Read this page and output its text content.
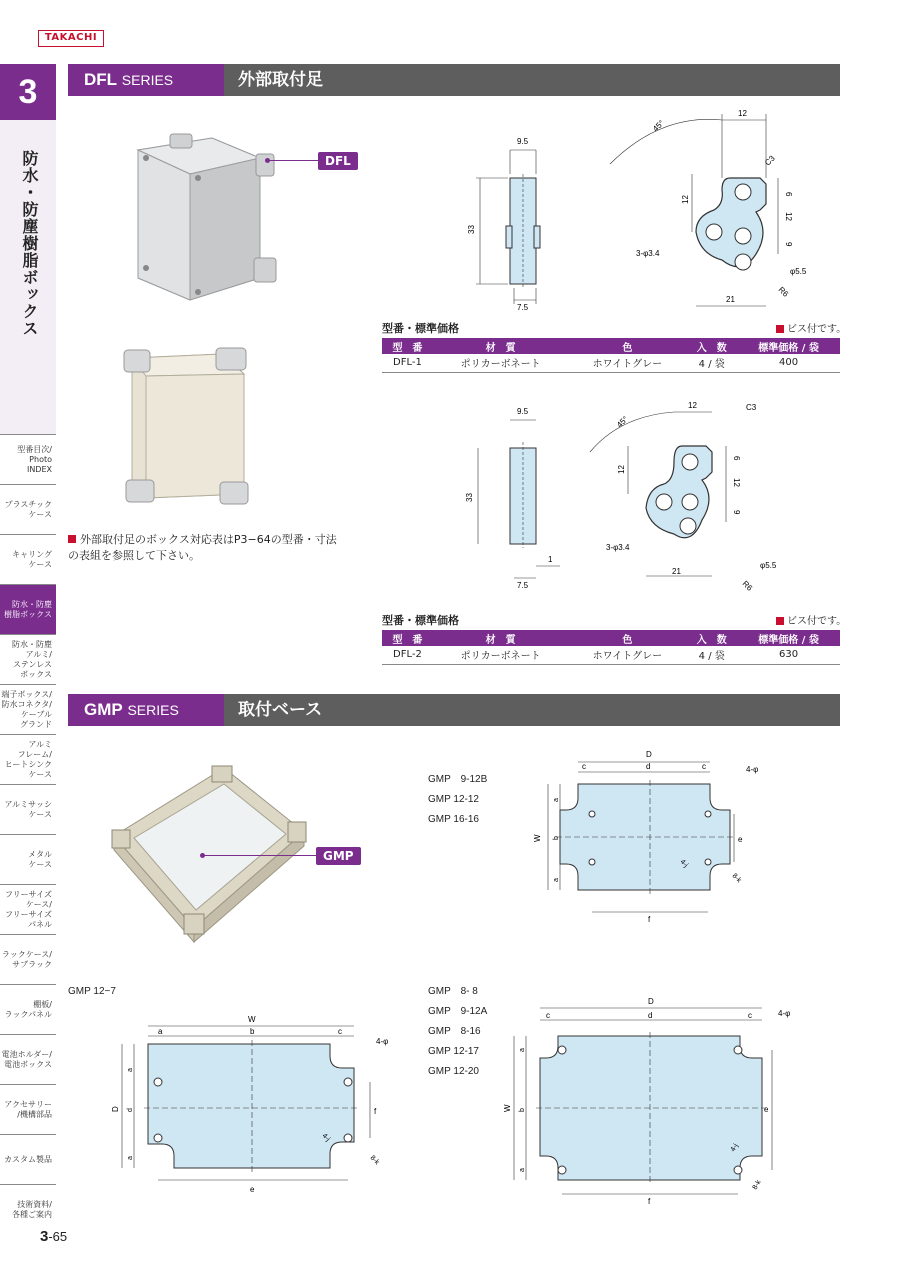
TAKACHI
3
防水・防塵樹脂ボックス
型番目次/
Photo
INDEX
プラスチック
ケース
キャリング
ケース
防水・防塵
樹脂ボックス
防水・防塵
アルミ/
ステンレス
ボックス
端子ボックス/
防水コネクタ/
ケーブル
グランド
アルミ
フレーム/
ヒートシンク
ケース
アルミサッシ
ケース
メタル
ケース
フリーサイズ
ケース/
フリーサイズ
パネル
ラックケース/
サブラック
棚板/
ラックパネル
電池ホルダー/
電池ボックス
アクセサリー
/機構部品
カスタム製品
技術資料/
各種ご案内
3-65
DFL SERIES	外部取付足
DFL
外部取付足のボックス対応表はP3−64の型番・寸法の表組を参照して下さい。
9.5
33
7.5
12
45°
C3
6
12
9
12
3-φ3.4
φ5.5
R6
21
型番・標準価格	ビス付です。
型　番	材　質	色	入　数	標準価格 / 袋
DFL-1	ポリカーボネート	ホワイトグレー	4 / 袋	400
9.5
33
7.5
1
12
45°
C3
6
12
9
12
3-φ3.4
φ5.5
R6
21
型番・標準価格	ビス付です。
型　番	材　質	色	入　数	標準価格 / 袋
DFL-2	ポリカーボネート	ホワイトグレー	4 / 袋	630
GMP SERIES	取付ベース
GMP
GMP　9-12B
GMP 12-12
GMP 16-16
D
c	d	c	4-φ
W
a
b
a
e
4-j
8-k
f
GMP 12−7
W
a	b	c
4-φ
D
a
d
a
f
4-j
8-k
e
GMP　8- 8
GMP　9-12A
GMP　8-16
GMP 12-17
GMP 12-20
D
c	d	c	4-φ
W
a
b
a
e
4-j
8-k
f
